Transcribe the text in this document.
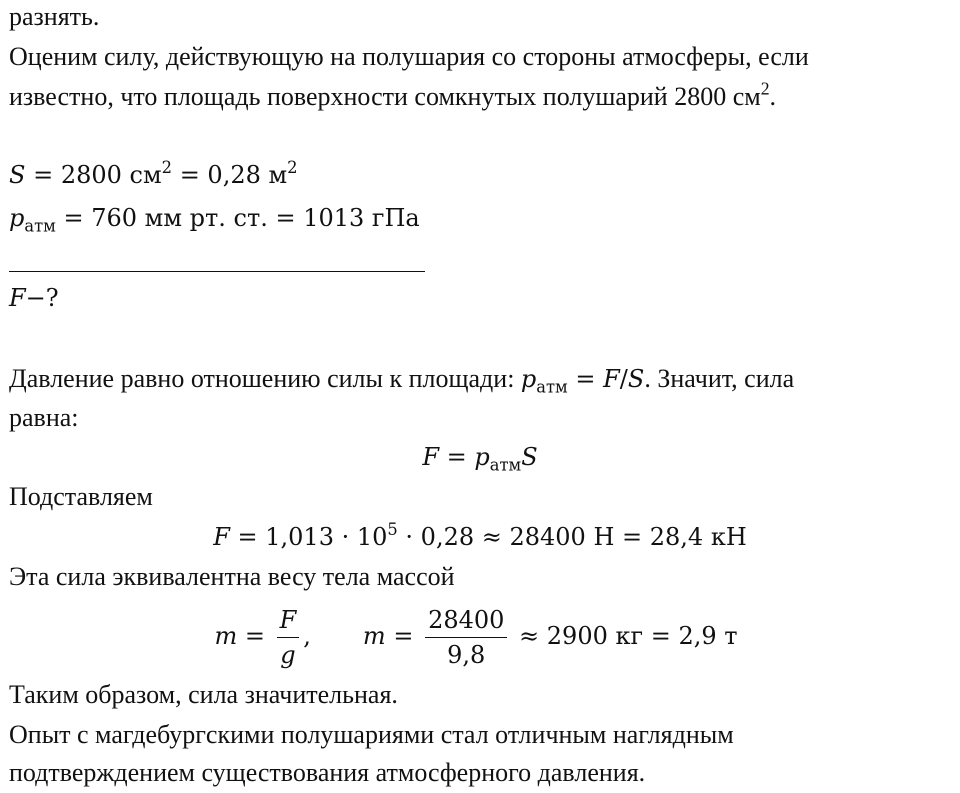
разнять.
Оценим силу, действующую на полушария со стороны атмосферы, если
известно, что площадь поверхности сомкнутых полушарий 2800 $см^2$.
S = 2800 $см^2 = 0,28$ $м^2$
$p_{атм} = 760$ мм рт. ст. = 1013 гПа
F−?
Давление равно отношению силы к площади: $p_{атм} = F/S$. Значит, сила
равна:
$F = p_{атм}S$
Подставляем
$F = 1,013 \cdot 10^5 \cdot 0,28 \approx 28400$ Н = 28,4 кН
Эта сила эквивалентна весу тела массой
$m = \frac{F}{g}$ , $m = \frac{28400}{9,8} \approx 2900$ кг = 2,9 т
Таким образом, сила значительная.
Опыт с магдебургскими полушариями стал отличным наглядным
подтверждением существования атмосферного давления.
